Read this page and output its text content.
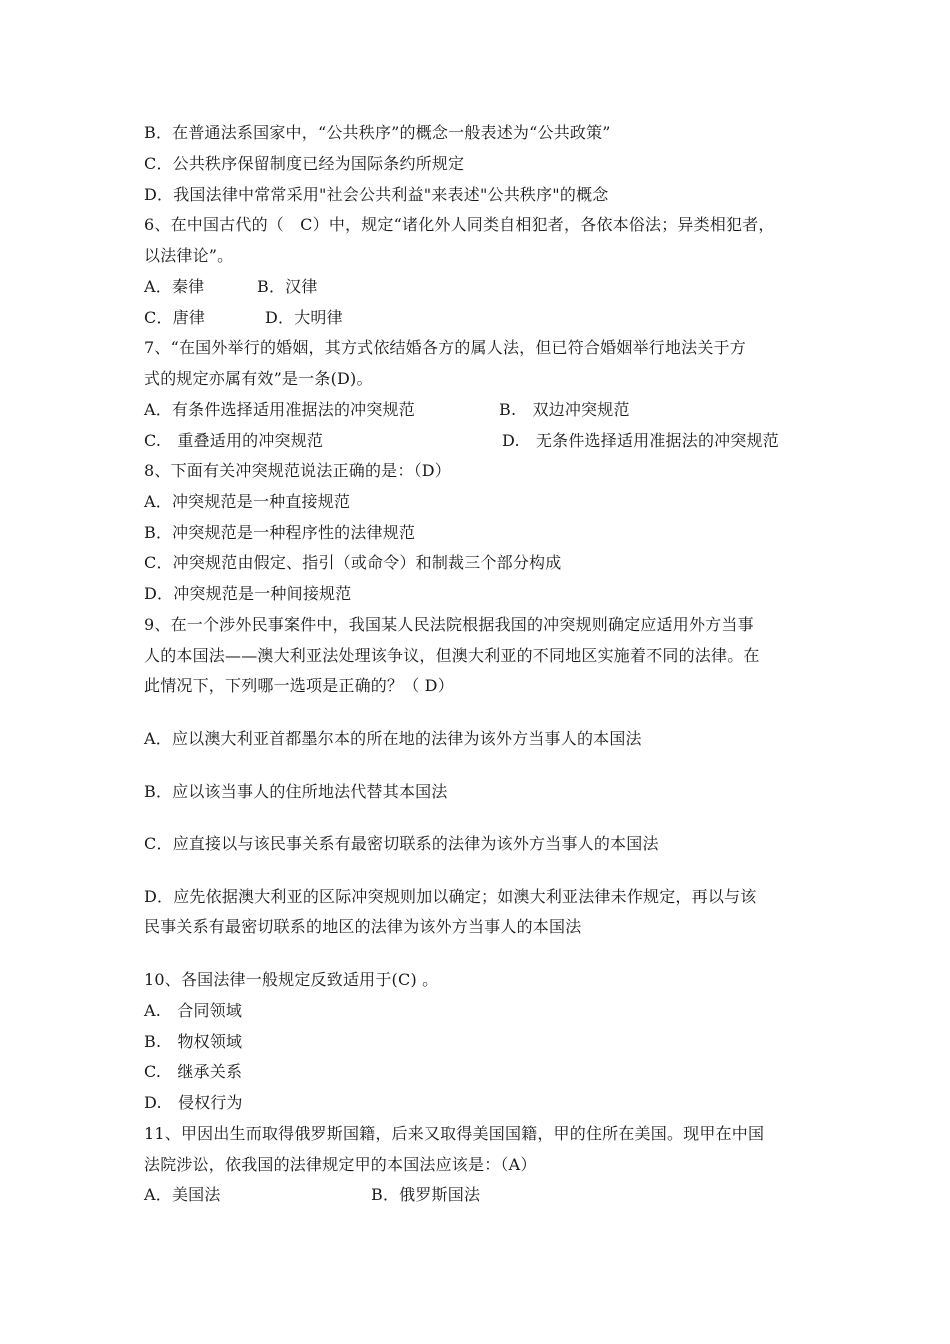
B．在普通法系国家中，“公共秩序”的概念一般表述为“公共政策”
C．公共秩序保留制度已经为国际条约所规定
D．我国法律中常常采用"社会公共利益"来表述"公共秩序"的概念
6、在中国古代的（　C）中，规定“诸化外人同类自相犯者，各依本俗法；异类相犯者，
以法律论”。
A．秦律	B．汉律
C．唐律	D．大明律
7、“在国外举行的婚姻，其方式依结婚各方的属人法，但已符合婚姻举行地法关于方
式的规定亦属有效”是一条(D)。
A．有条件选择适用准据法的冲突规范	B.　双边冲突规范
C.　重叠适用的冲突规范	D.　无条件选择适用准据法的冲突规范
8、下面有关冲突规范说法正确的是：（D）
A．冲突规范是一种直接规范
B．冲突规范是一种程序性的法律规范
C．冲突规范由假定、指引（或命令）和制裁三个部分构成
D．冲突规范是一种间接规范
9、在一个涉外民事案件中，我国某人民法院根据我国的冲突规则确定应适用外方当事
人的本国法——澳大利亚法处理该争议，但澳大利亚的不同地区实施着不同的法律。在
此情况下，下列哪一选项是正确的？（ D）
A．应以澳大利亚首都墨尔本的所在地的法律为该外方当事人的本国法
B．应以该当事人的住所地法代替其本国法
C．应直接以与该民事关系有最密切联系的法律为该外方当事人的本国法
D．应先依据澳大利亚的区际冲突规则加以确定；如澳大利亚法律未作规定，再以与该
民事关系有最密切联系的地区的法律为该外方当事人的本国法
10、各国法律一般规定反致适用于(C) 。
A.　合同领域
B.　物权领域
C.　继承关系
D.　侵权行为
11、甲因出生而取得俄罗斯国籍，后来又取得美国国籍，甲的住所在美国。现甲在中国
法院涉讼，依我国的法律规定甲的本国法应该是：（A）
A．美国法	B．俄罗斯国法
